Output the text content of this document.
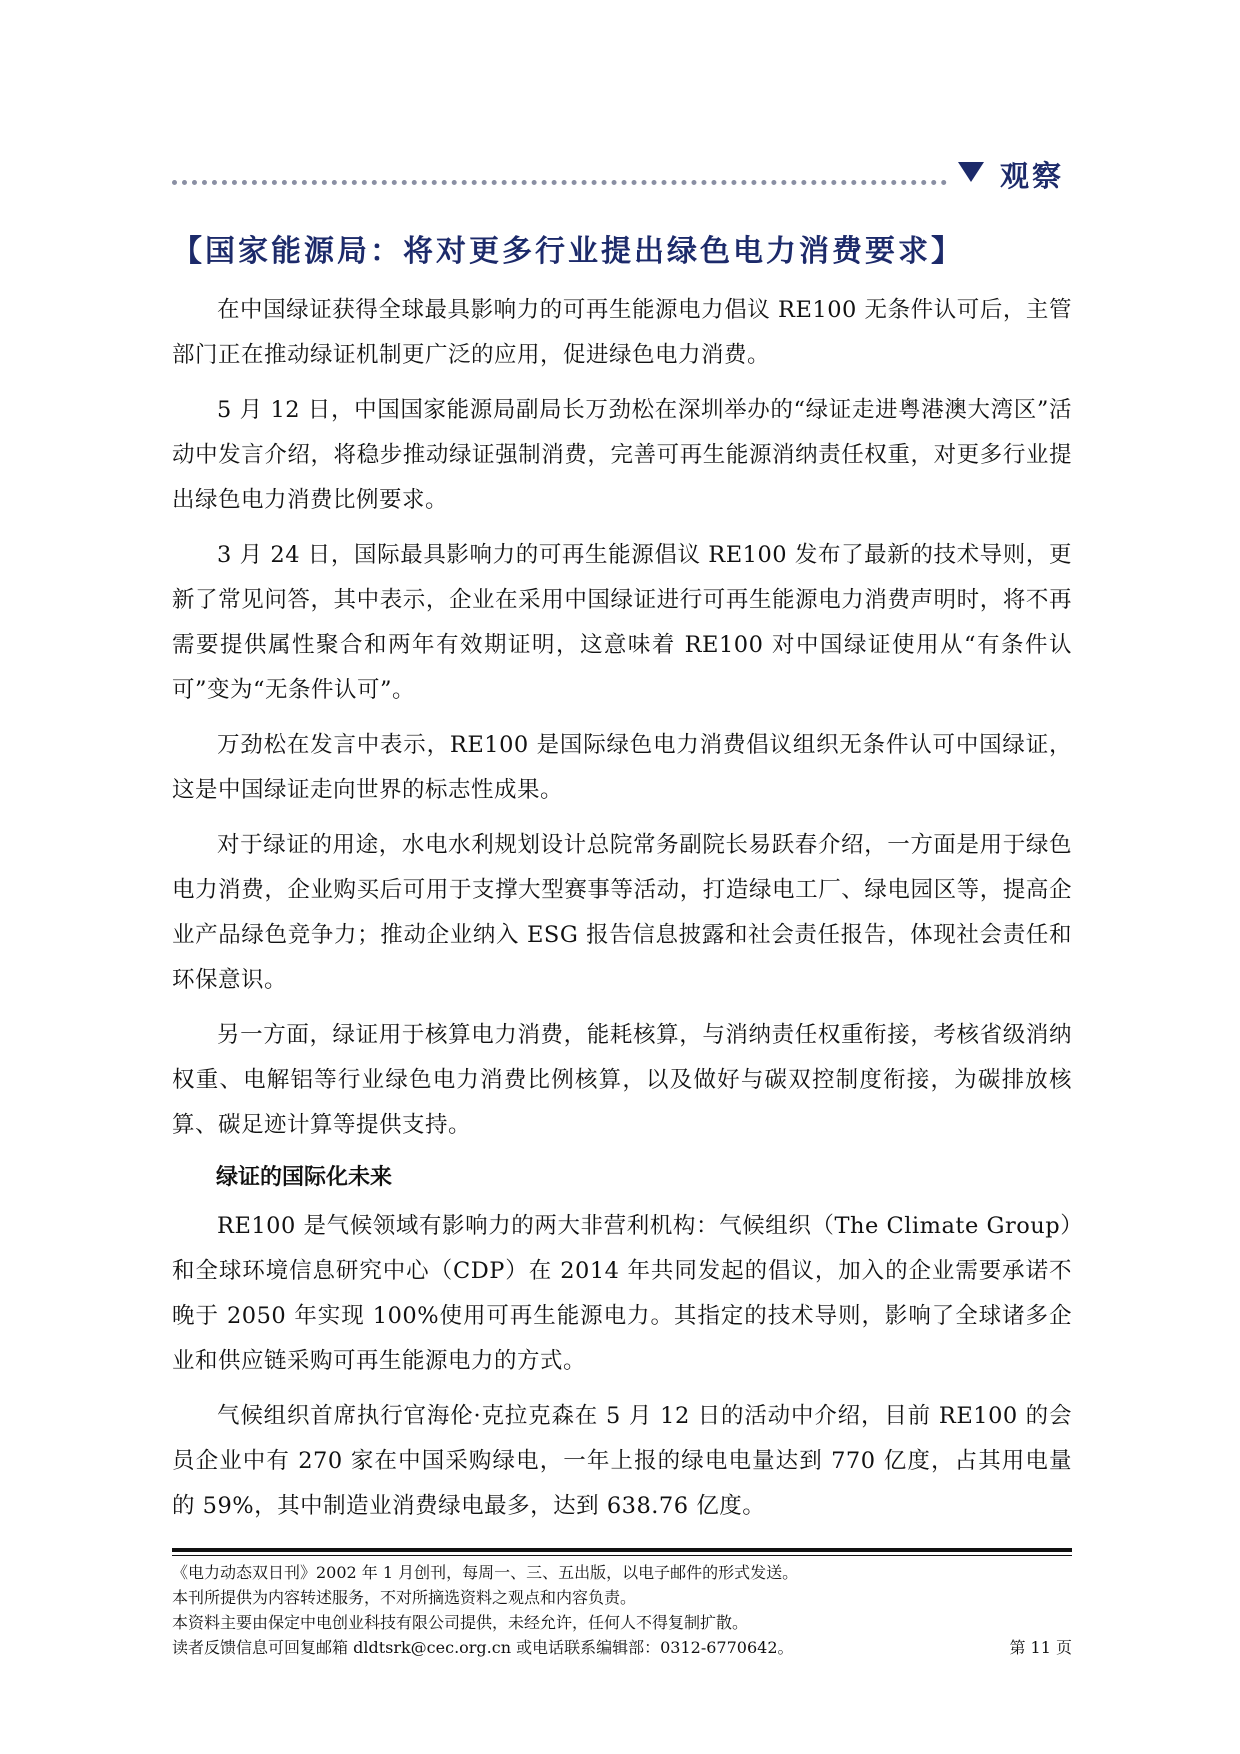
观察
【国家能源局：将对更多行业提出绿色电力消费要求】

在中国绿证获得全球最具影响力的可再生能源电力倡议 RE100 无条件认可后，主管部门正在推动绿证机制更广泛的应用，促进绿色电力消费。

5 月 12 日，中国国家能源局副局长万劲松在深圳举办的“绿证走进粤港澳大湾区”活动中发言介绍，将稳步推动绿证强制消费，完善可再生能源消纳责任权重，对更多行业提出绿色电力消费比例要求。

3 月 24 日，国际最具影响力的可再生能源倡议 RE100 发布了最新的技术导则，更新了常见问答，其中表示，企业在采用中国绿证进行可再生能源电力消费声明时，将不再需要提供属性聚合和两年有效期证明，这意味着 RE100 对中国绿证使用从“有条件认可”变为“无条件认可”。

万劲松在发言中表示，RE100 是国际绿色电力消费倡议组织无条件认可中国绿证，这是中国绿证走向世界的标志性成果。

对于绿证的用途，水电水利规划设计总院常务副院长易跃春介绍，一方面是用于绿色电力消费，企业购买后可用于支撑大型赛事等活动，打造绿电工厂、绿电园区等，提高企业产品绿色竞争力；推动企业纳入 ESG 报告信息披露和社会责任报告，体现社会责任和环保意识。

另一方面，绿证用于核算电力消费，能耗核算，与消纳责任权重衔接，考核省级消纳权重、电解铝等行业绿色电力消费比例核算，以及做好与碳双控制度衔接，为碳排放核算、碳足迹计算等提供支持。

绿证的国际化未来

RE100 是气候领域有影响力的两大非营利机构：气候组织（The Climate Group）和全球环境信息研究中心（CDP）在 2014 年共同发起的倡议，加入的企业需要承诺不晚于 2050 年实现 100%使用可再生能源电力。其指定的技术导则，影响了全球诸多企业和供应链采购可再生能源电力的方式。

气候组织首席执行官海伦·克拉克森在 5 月 12 日的活动中介绍，目前 RE100 的会员企业中有 270 家在中国采购绿电，一年上报的绿电电量达到 770 亿度，占其用电量的 59%，其中制造业消费绿电最多，达到 638.76 亿度。

《电力动态双日刊》2002 年 1 月创刊，每周一、三、五出版，以电子邮件的形式发送。
本刊所提供为内容转述服务，不对所摘选资料之观点和内容负责。
本资料主要由保定中电创业科技有限公司提供，未经允许，任何人不得复制扩散。
读者反馈信息可回复邮箱 dldtsrk@cec.org.cn 或电话联系编辑部：0312-6770642。	第 11 页
